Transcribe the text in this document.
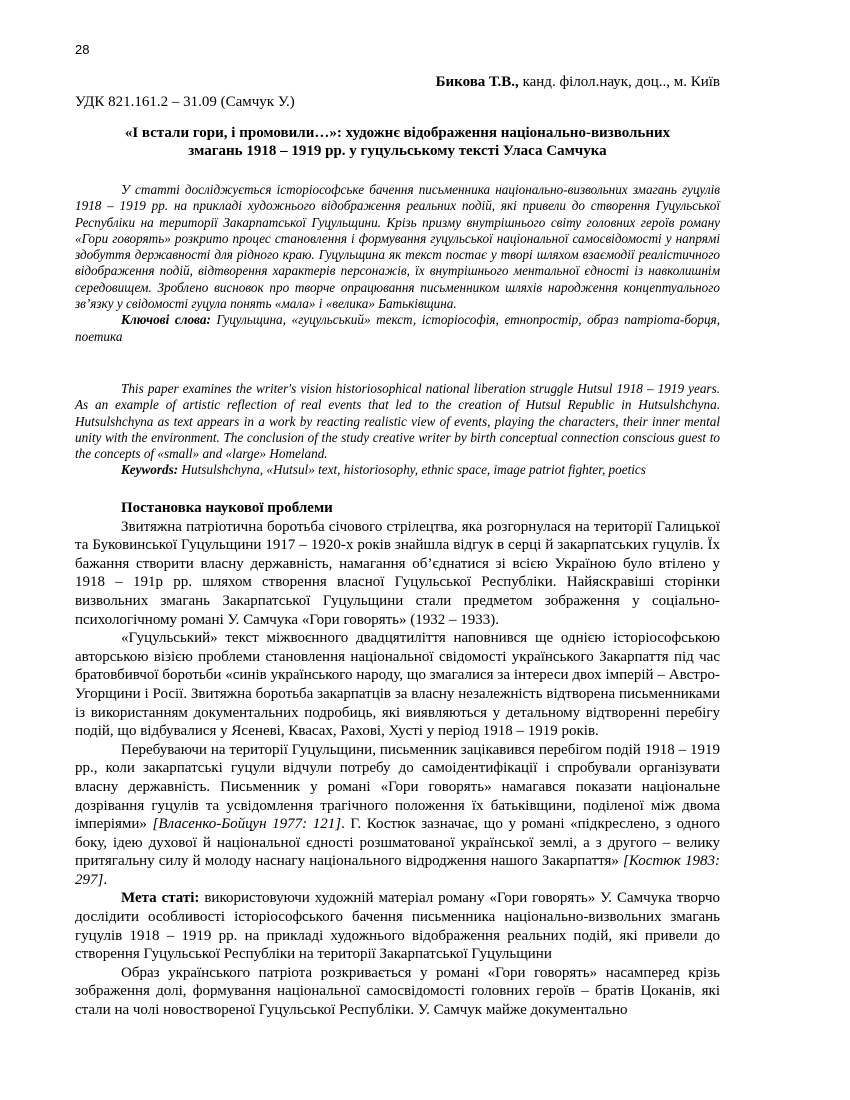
28
Бикова Т.В., канд. філол.наук, доц.., м. Київ
УДК 821.161.2 – 31.09 (Самчук У.)
«І встали гори, і промовили…»: художнє відображення національно-визвольних
змагань 1918 – 1919 рр. у гуцульському тексті Уласа Самчука

У статті досліджується історіософське бачення письменника національно-визвольних змагань гуцулів 1918 – 1919 рр. на прикладі художнього відображення реальних подій, які привели до створення Гуцульської Республіки на території Закарпатської Гуцульщини. Крізь призму внутрішнього світу головних героїв роману «Гори говорять» розкрито процес становлення і формування гуцульської національної самосвідомості у напрямі здобуття державності для рідного краю. Гуцульщина як текст постає у творі шляхом взаємодії реалістичного відображення подій, відтворення характерів персонажів, їх внутрішнього ментальної єдності із навколишнім середовищем. Зроблено висновок про творче опрацювання письменником шляхів народження концептуального зв’язку у свідомості гуцула понять «мала» і «велика» Батьківщина.

Ключові слова: Гуцульщина, «гуцульський» текст, історіософія, етнопростір, образ патріота-борця, поетика

This paper examines the writer's vision historiosophical national liberation struggle Hutsul 1918 – 1919 years. As an example of artistic reflection of real events that led to the creation of Hutsul Republic in Hutsulshchyna. Hutsulshchyna as text appears in a work by reacting realistic view of events, playing the characters, their inner mental unity with the environment. The conclusion of the study creative writer by birth conceptual connection conscious guest to the concepts of «small» and «large» Homeland.

Keywords: Hutsulshchyna, «Hutsul» text, historiosophy, ethnic space, image patriot fighter, poetics

Постановка наукової проблеми

Звитяжна патріотична боротьба січового стрілецтва, яка розгорнулася на території Галицької та Буковинської Гуцульщини 1917 – 1920-х років знайшла відгук в серці й закарпатських гуцулів. Їх бажання створити власну державність, намагання об’єднатися зі всією Україною було втілено у 1918 – 191р рр. шляхом створення власної Гуцульської Республіки. Найяскравіші сторінки визвольних змагань Закарпатської Гуцульщини стали предметом зображення у соціально-психологічному романі У. Самчука «Гори говорять» (1932 – 1933).

«Гуцульський» текст міжвоєнного двадцятиліття наповнився ще однією історіософською авторською візією проблеми становлення національної свідомості українського Закарпаття під час братовбивчої боротьби «синів українського народу, що змагалися за інтереси двох імперій – Австро-Угорщини і Росії. Звитяжна боротьба закарпатців за власну незалежність відтворена письменниками із використанням документальних подробиць, які виявляються у детальному відтворенні перебігу подій, що відбувалися у Ясеневі, Квасах, Рахові, Хусті у період 1918 – 1919 років.

Перебуваючи на території Гуцульщини, письменник зацікавився перебігом подій 1918 – 1919 рр., коли закарпатські гуцули відчули потребу до самоідентифікації і спробували організувати власну державність. Письменник у романі «Гори говорять» намагався показати національне дозрівання гуцулів та усвідомлення трагічного положення їх батьківщини, поділеної між двома імперіями» [Власенко-Бойцун 1977: 121]. Г. Костюк зазначає, що у романі «підкреслено, з одного боку, ідею духової й національної єдності розшматованої української землі, а з другого – велику притягальну силу й молоду наснагу національного відродження нашого Закарпаття» [Костюк 1983: 297].

Мета статі: використовуючи художній матеріал роману «Гори говорять» У. Самчука творчо дослідити особливості історіософського бачення письменника національно-визвольних змагань гуцулів 1918 – 1919 рр. на прикладі художнього відображення реальних подій, які привели до створення Гуцульської Республіки на території Закарпатської Гуцульщини

Образ українського патріота розкривається у романі «Гори говорять» насамперед крізь зображення долі, формування національної самосвідомості головних героїв – братів Цоканів, які стали на чолі новоствореної Гуцульської Республіки. У. Самчук майже документально
